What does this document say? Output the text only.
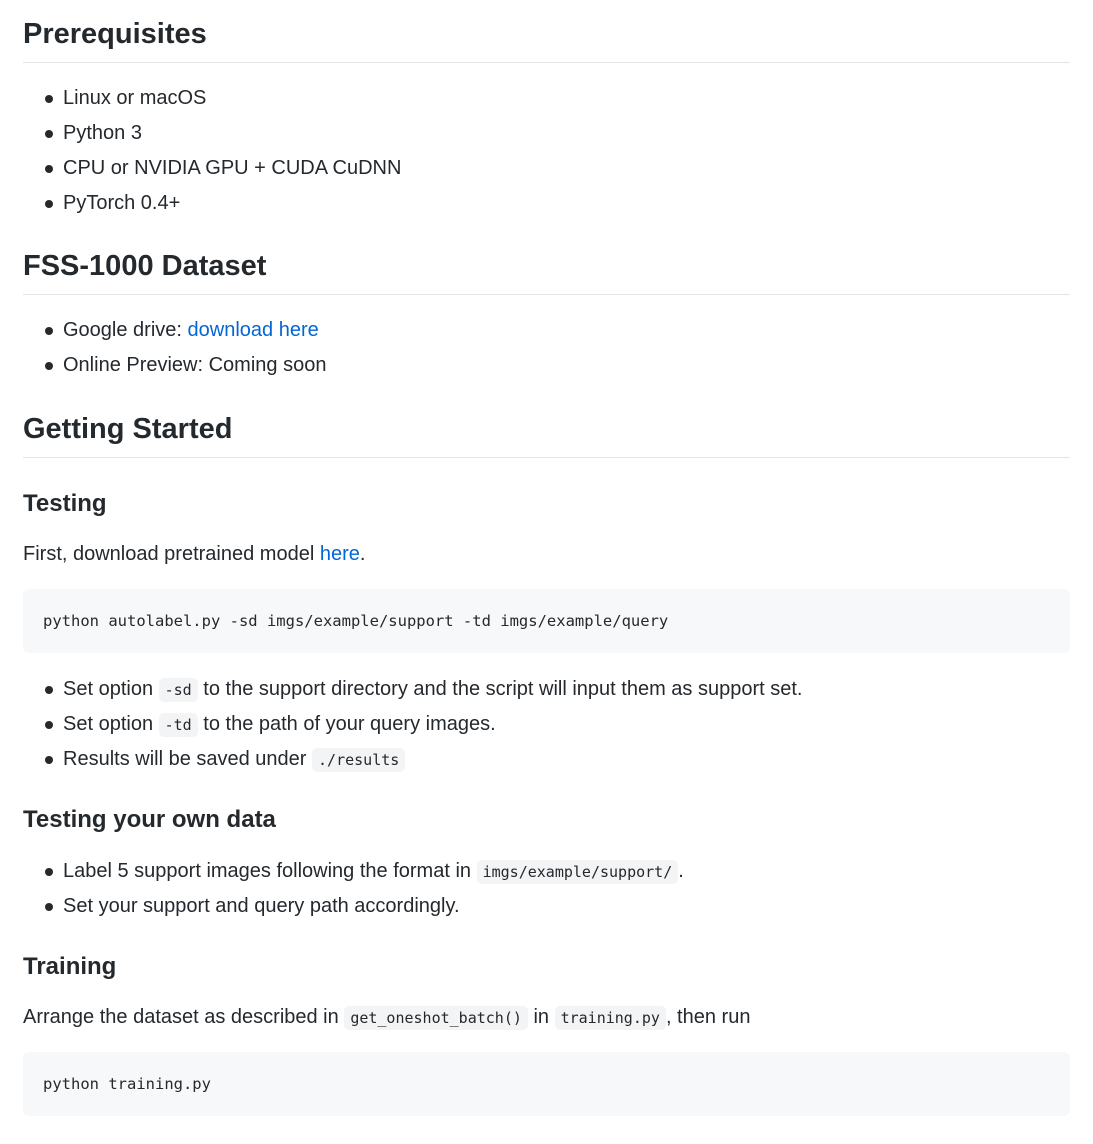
Prerequisites
Linux or macOS
Python 3
CPU or NVIDIA GPU + CUDA CuDNN
PyTorch 0.4+
FSS-1000 Dataset
Google drive: download here
Online Preview: Coming soon
Getting Started
Testing

First, download pretrained model here.

python autolabel.py -sd imgs/example/support -td imgs/example/query
Set option -sd to the support directory and the script will input them as support set.
Set option -td to the path of your query images.
Results will be saved under ./results
Testing your own data
Label 5 support images following the format in imgs/example/support/ .
Set your support and query path accordingly.
Training

Arrange the dataset as described in get_oneshot_batch() in training.py , then run

python training.py
